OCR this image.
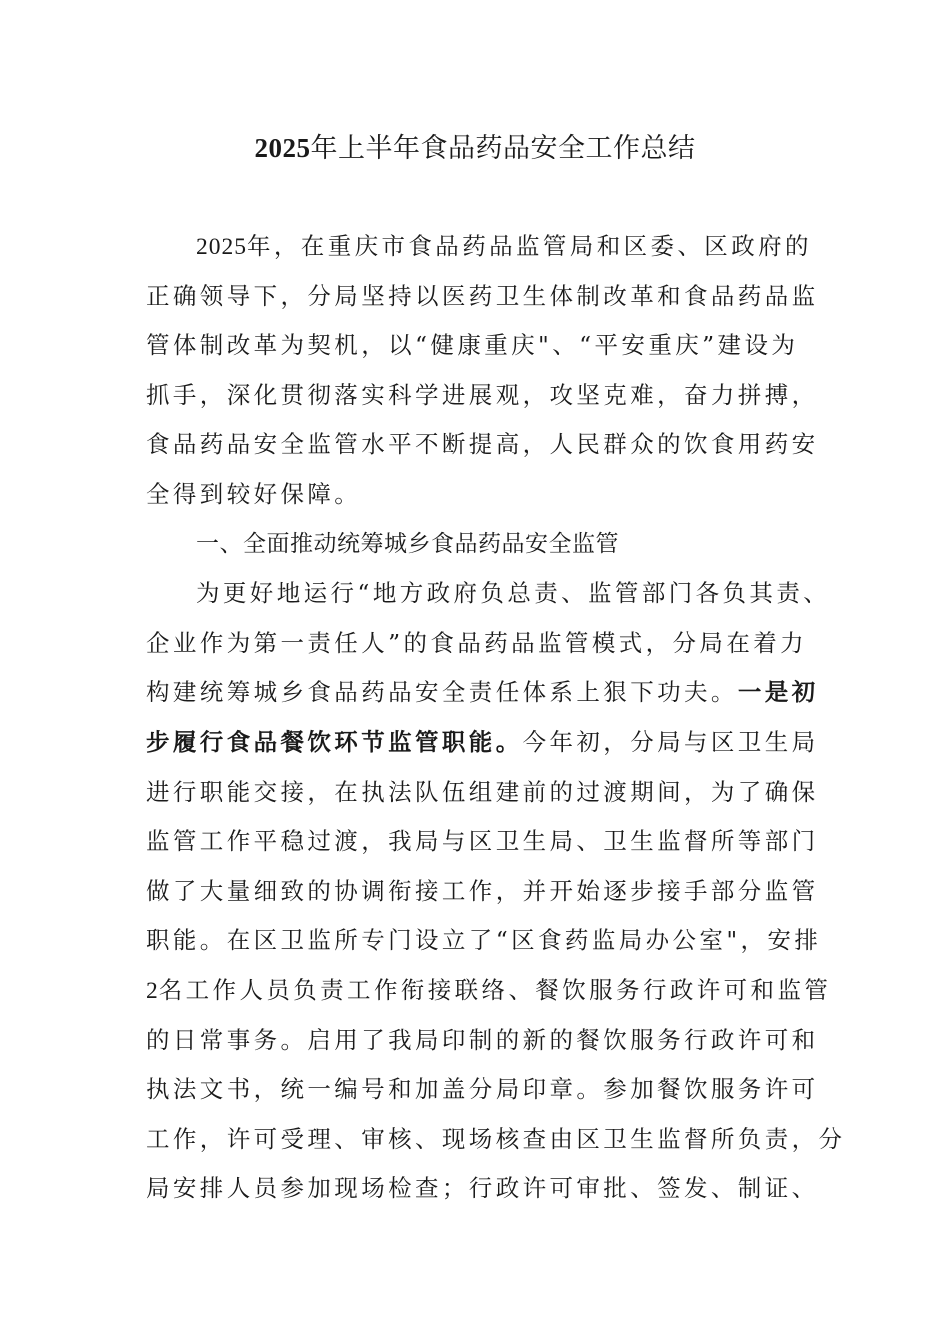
2025年上半年食品药品安全工作总结
2025年，在重庆市食品药品监管局和区委、区政府的
正确领导下，分局坚持以医药卫生体制改革和食品药品监
管体制改革为契机，以“健康重庆"、“平安重庆”建设为
抓手，深化贯彻落实科学进展观，攻坚克难，奋力拼搏，
食品药品安全监管水平不断提高，人民群众的饮食用药安
全得到较好保障。
一、全面推动统筹城乡食品药品安全监管
为更好地运行“地方政府负总责、监管部门各负其责、
企业作为第一责任人”的食品药品监管模式，分局在着力
构建统筹城乡食品药品安全责任体系上狠下功夫。一是初
步履行食品餐饮环节监管职能。今年初，分局与区卫生局
进行职能交接，在执法队伍组建前的过渡期间，为了确保
监管工作平稳过渡，我局与区卫生局、卫生监督所等部门
做了大量细致的协调衔接工作，并开始逐步接手部分监管
职能。在区卫监所专门设立了“区食药监局办公室"，安排
2名工作人员负责工作衔接联络、餐饮服务行政许可和监管
的日常事务。启用了我局印制的新的餐饮服务行政许可和
执法文书，统一编号和加盖分局印章。参加餐饮服务许可
工作，许可受理、审核、现场核查由区卫生监督所负责，分
局安排人员参加现场检查；行政许可审批、签发、制证、
